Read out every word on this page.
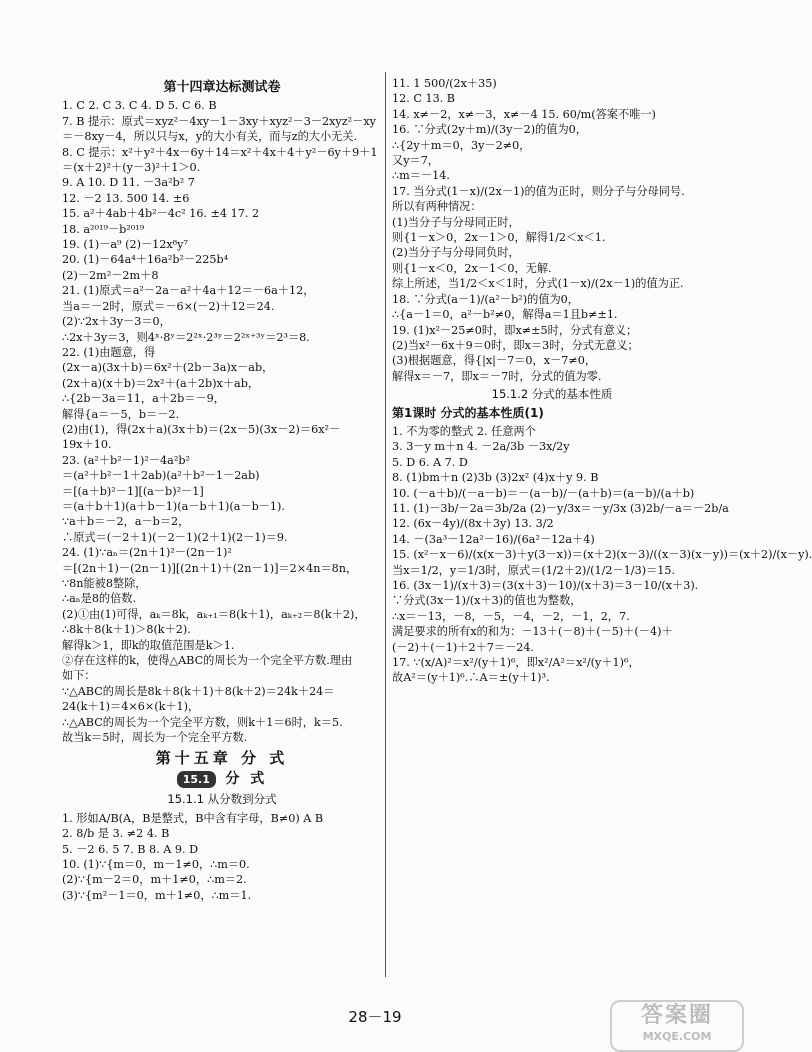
第十四章达标测试卷
1. C 2. C 3. C 4. D 5. C 6. B
7. B 提示：原式＝xyz²－4xy－1－3xy＋xyz²－3－2xyz²－xy
＝－8xy－4，所以只与x，y的大小有关，而与z的大小无关.
8. C 提示：x²＋y²＋4x－6y＋14＝x²＋4x＋4＋y²－6y＋9＋1
＝(x＋2)²＋(y－3)²＋1＞0.
9. A 10. D 11. －3a²b² 7
12. －2 13. 500 14. ±6
15. a²＋4ab＋4b²－4c² 16. ±4 17. 2
18. a²⁰¹⁹－b²⁰¹⁹
19. (1)－a⁹ (2)－12x⁸y⁷
20. (1)－64a⁴＋16a²b²－225b⁴
(2)－2m²－2m＋8
21. (1)原式＝a²－2a－a²＋4a＋12＝－6a＋12，
当a＝－2时，原式＝－6×(－2)＋12＝24.
(2)∵2x＋3y－3＝0，
∴2x＋3y＝3，则4ˣ·8ʸ＝2²ˣ·2³ʸ＝2²ˣ⁺³ʸ＝2³＝8.
22. (1)由题意，得
(2x－a)(3x＋b)＝6x²＋(2b－3a)x－ab，
(2x＋a)(x＋b)＝2x²＋(a＋2b)x＋ab，
∴{2b－3a＝11，a＋2b＝－9，
解得{a＝－5，b＝－2.
(2)由(1)，得(2x＋a)(3x＋b)＝(2x－5)(3x－2)＝6x²－
19x＋10.
23. (a²＋b²－1)²－4a²b²
＝(a²＋b²－1＋2ab)(a²＋b²－1－2ab)
＝[(a＋b)²－1][(a－b)²－1]
＝(a＋b＋1)(a＋b－1)(a－b＋1)(a－b－1).
∵a＋b＝－2，a－b＝2，
∴原式＝(－2＋1)(－2－1)(2＋1)(2－1)＝9.
24. (1)∵aₙ＝(2n＋1)²－(2n－1)²
＝[(2n＋1)－(2n－1)][(2n＋1)＋(2n－1)]＝2×4n＝8n，
∵8n能被8整除，
∴aₙ是8的倍数.
(2)①由(1)可得，aₖ＝8k，aₖ₊₁＝8(k＋1)，aₖ₊₂＝8(k＋2)，
∴8k＋8(k＋1)＞8(k＋2).
解得k＞1，即k的取值范围是k＞1.
②存在这样的k，使得△ABC的周长为一个完全平方数.理由
如下：
∵△ABC的周长是8k＋8(k＋1)＋8(k＋2)＝24k＋24＝
24(k＋1)＝4×6×(k＋1)，
∴△ABC的周长为一个完全平方数，则k＋1＝6时，k＝5.
故当k＝5时，周长为一个完全平方数.
第十五章 分 式
15.1 分 式
15.1.1 从分数到分式
1. 形如A/B(A，B是整式，B中含有字母，B≠0) A B
2. 8/b 是 3. ≠2 4. B
5. －2 6. 5 7. B 8. A 9. D
10. (1)∵{m＝0，m－1≠0，∴m＝0.
(2)∵{m－2＝0，m＋1≠0，∴m＝2.
(3)∵{m²－1＝0，m＋1≠0，∴m＝1.
11. 1 500/(2x＋35)
12. C 13. B
14. x≠－2，x≠－3，x≠－4 15. 60/m(答案不唯一)
16. ∵分式(2y＋m)/(3y－2)的值为0，
∴{2y＋m＝0，3y－2≠0，
又y＝7，
∴m＝－14.
17. 当分式(1－x)/(2x－1)的值为正时，则分子与分母同号.
所以有两种情况：
(1)当分子与分母同正时，
则{1－x＞0，2x－1＞0，解得1/2＜x＜1.
(2)当分子与分母同负时，
则{1－x＜0，2x－1＜0，无解.
综上所述，当1/2＜x＜1时，分式(1－x)/(2x－1)的值为正.
18. ∵分式(a－1)/(a²－b²)的值为0，
∴{a－1＝0，a²－b²≠0，解得a＝1且b≠±1.
19. (1)x²－25≠0时，即x≠±5时，分式有意义；
(2)当x²－6x＋9＝0时，即x＝3时，分式无意义；
(3)根据题意，得{|x|－7＝0，x－7≠0，
解得x＝－7，即x＝－7时，分式的值为零.
15.1.2 分式的基本性质
第1课时 分式的基本性质(1)
1. 不为零的整式 2. 任意两个
3. 3－y m＋n 4. －2a/3b －3x/2y
5. D 6. A 7. D
8. (1)bm＋n (2)3b (3)2x² (4)x＋y 9. B
10. (－a＋b)/(－a－b)＝－(a－b)/－(a＋b)＝(a－b)/(a＋b)
11. (1)－3b/－2a＝3b/2a (2)－y/3x＝－y/3x (3)2b/－a＝－2b/a
12. (6x－4y)/(8x＋3y) 13. 3/2
14. －(3a³－12a²－16)/(6a²－12a＋4)
15. (x²－x－6)/(x(x－3)＋y(3－x))＝(x＋2)(x－3)/((x－3)(x－y))＝(x＋2)/(x－y).
当x＝1/2，y＝1/3时，原式＝(1/2＋2)/(1/2－1/3)＝15.
16. (3x－1)/(x＋3)＝(3(x＋3)－10)/(x＋3)＝3－10/(x＋3).
∵分式(3x－1)/(x＋3)的值也为整数，
∴x＝－13，－8，－5，－4，－2，－1，2，7.
满足要求的所有x的和为：－13＋(－8)＋(－5)＋(－4)＋
(－2)＋(－1)＋2＋7＝－24.
17. ∵(x/A)²＝x²/(y＋1)⁶，即x²/A²＝x²/(y＋1)⁶，
故A²＝(y＋1)⁶.∴A＝±(y＋1)³.
28－19	答案圈
MXQE.COM
